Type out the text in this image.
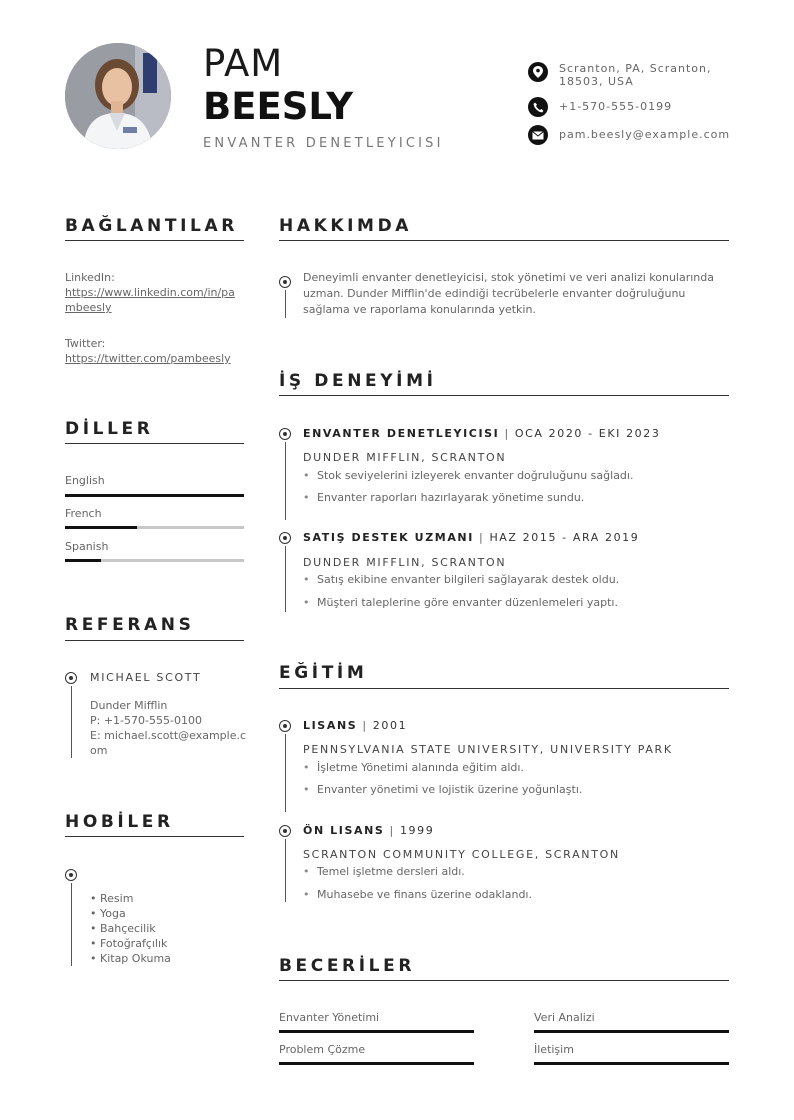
PAM
BEESLY
ENVANTER DENETLEYICISI
Scranton, PA, Scranton, 18503, USA
+1-570-555-0199
pam.beesly@example.com
BAĞLANTILAR
LinkedIn:
https://www.linkedin.com/in/pa
mbeesly
Twitter:
https://twitter.com/pambeesly
DİLLER
English
French
Spanish
REFERANS
MICHAEL SCOTT
Dunder Mifflin
P: +1-570-555-0100
E: michael.scott@example.c
om
HOBİLER
• Resim
• Yoga
• Bahçecilik
• Fotoğrafçılık
• Kitap Okuma
HAKKIMDA
Deneyimli envanter denetleyicisi, stok yönetimi ve veri analizi konularında
uzman. Dunder Mifflin'de edindiği tecrübelerle envanter doğruluğunu
sağlama ve raporlama konularında yetkin.
İŞ DENEYİMİ
ENVANTER DENETLEYICISI | OCA 2020 - EKI 2023
DUNDER MIFFLIN, SCRANTON
• Stok seviyelerini izleyerek envanter doğruluğunu sağladı.
• Envanter raporları hazırlayarak yönetime sundu.
SATIŞ DESTEK UZMANI | HAZ 2015 - ARA 2019
DUNDER MIFFLIN, SCRANTON
• Satış ekibine envanter bilgileri sağlayarak destek oldu.
• Müşteri taleplerine göre envanter düzenlemeleri yaptı.
EĞİTİM
LISANS | 2001
PENNSYLVANIA STATE UNIVERSITY, UNIVERSITY PARK
• İşletme Yönetimi alanında eğitim aldı.
• Envanter yönetimi ve lojistik üzerine yoğunlaştı.
ÖN LISANS | 1999
SCRANTON COMMUNITY COLLEGE, SCRANTON
• Temel işletme dersleri aldı.
• Muhasebe ve finans üzerine odaklandı.
BECERİLER
Envanter Yönetimi	Veri Analizi
Problem Çözme	İletişim
